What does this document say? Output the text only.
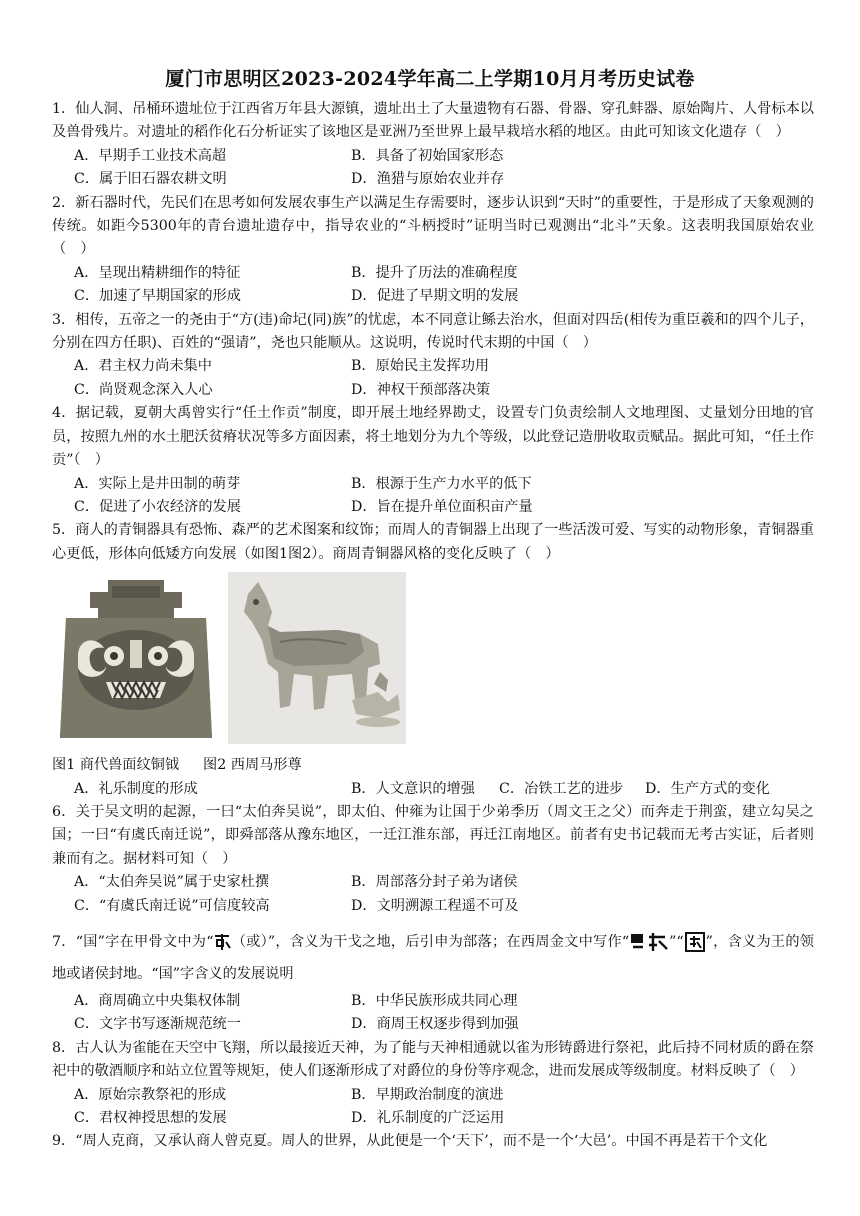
厦门市思明区2023-2024学年高二上学期10月月考历史试卷

1．仙人洞、吊桶环遗址位于江西省万年县大源镇，遗址出土了大量遗物有石器、骨器、穿孔蚌器、原始陶片、人骨标本以及兽骨残片。对遗址的稻作化石分析证实了该地区是亚洲乃至世界上最早栽培水稻的地区。由此可知该文化遗存（　）

A．早期手工业技术高超	B．具备了初始国家形态
C．属于旧石器农耕文明	D．渔猎与原始农业并存

2．新石器时代，先民们在思考如何发展农事生产以满足生存需要时，逐步认识到“天时”的重要性，于是形成了天象观测的传统。如距今5300年的青台遗址遗存中，指导农业的“斗柄授时”证明当时已观测出“北斗”天象。这表明我国原始农业（　）

A．呈现出精耕细作的特征	B．提升了历法的准确程度
C．加速了早期国家的形成	D．促进了早期文明的发展

3．相传，五帝之一的尧由于“方(违)命圮(同)族”的忧虑，本不同意让鲧去治水，但面对四岳(相传为重臣羲和的四个儿子，分别在四方任职)、百姓的“强请”，尧也只能顺从。这说明，传说时代末期的中国（　）

A．君主权力尚未集中	B．原始民主发挥功用
C．尚贤观念深入人心	D．神权干预部落决策

4．据记载，夏朝大禹曾实行“任土作贡”制度，即开展土地经界勘丈，设置专门负责绘制人文地理图、丈量划分田地的官员，按照九州的水土肥沃贫瘠状况等多方面因素，将土地划分为九个等级，以此登记造册收取贡赋品。据此可知，“任土作贡”（　）

A．实际上是井田制的萌芽	B．根源于生产力水平的低下
C．促进了小农经济的发展	D．旨在提升单位面积亩产量

5．商人的青铜器具有恐怖、森严的艺术图案和纹饰；而周人的青铜器上出现了一些活泼可爱、写实的动物形象，青铜器重心更低，形体向低矮方向发展（如图1图2）。商周青铜器风格的变化反映了（　）

图1 商代兽面纹铜钺 图2 西周马形尊
A．礼乐制度的形成	B．人文意识的增强	C．冶铁工艺的进步	D．生产方式的变化

6．关于吴文明的起源，一曰“太伯奔吴说”，即太伯、仲雍为让国于少弟季历（周文王之父）而奔走于荆蛮，建立勾吴之国；一曰“有虞氏南迁说”，即舜部落从豫东地区，一迁江淮东部，再迁江南地区。前者有史书记载而无考古实证，后者则兼而有之。据材料可知（　）

A．“太伯奔吴说”属于史家杜撰	B．周部落分封子弟为诸侯
C．“有虞氏南迁说”可信度较高	D．文明溯源工程遥不可及

7．“国”字在甲骨文中为“ （或）”，含义为干戈之地，后引申为部落；在西周金文中写作“	”“ ”，含义为王的领地或诸侯封地。“国”字含义的发展说明

A．商周确立中央集权体制	B．中华民族形成共同心理
C．文字书写逐渐规范统一	D．商周王权逐步得到加强

8．古人认为雀能在天空中飞翔，所以最接近天神，为了能与天神相通就以雀为形铸爵进行祭祀，此后持不同材质的爵在祭祀中的敬酒顺序和站立位置等规矩，使人们逐渐形成了对爵位的身份等序观念，进而发展成等级制度。材料反映了（　）

A．原始宗教祭祀的形成	B．早期政治制度的演进
C．君权神授思想的发展	D．礼乐制度的广泛运用

9．“周人克商，又承认商人曾克夏。周人的世界，从此便是一个‘天下’，而不是一个‘大邑’。中国不再是若干个文化
